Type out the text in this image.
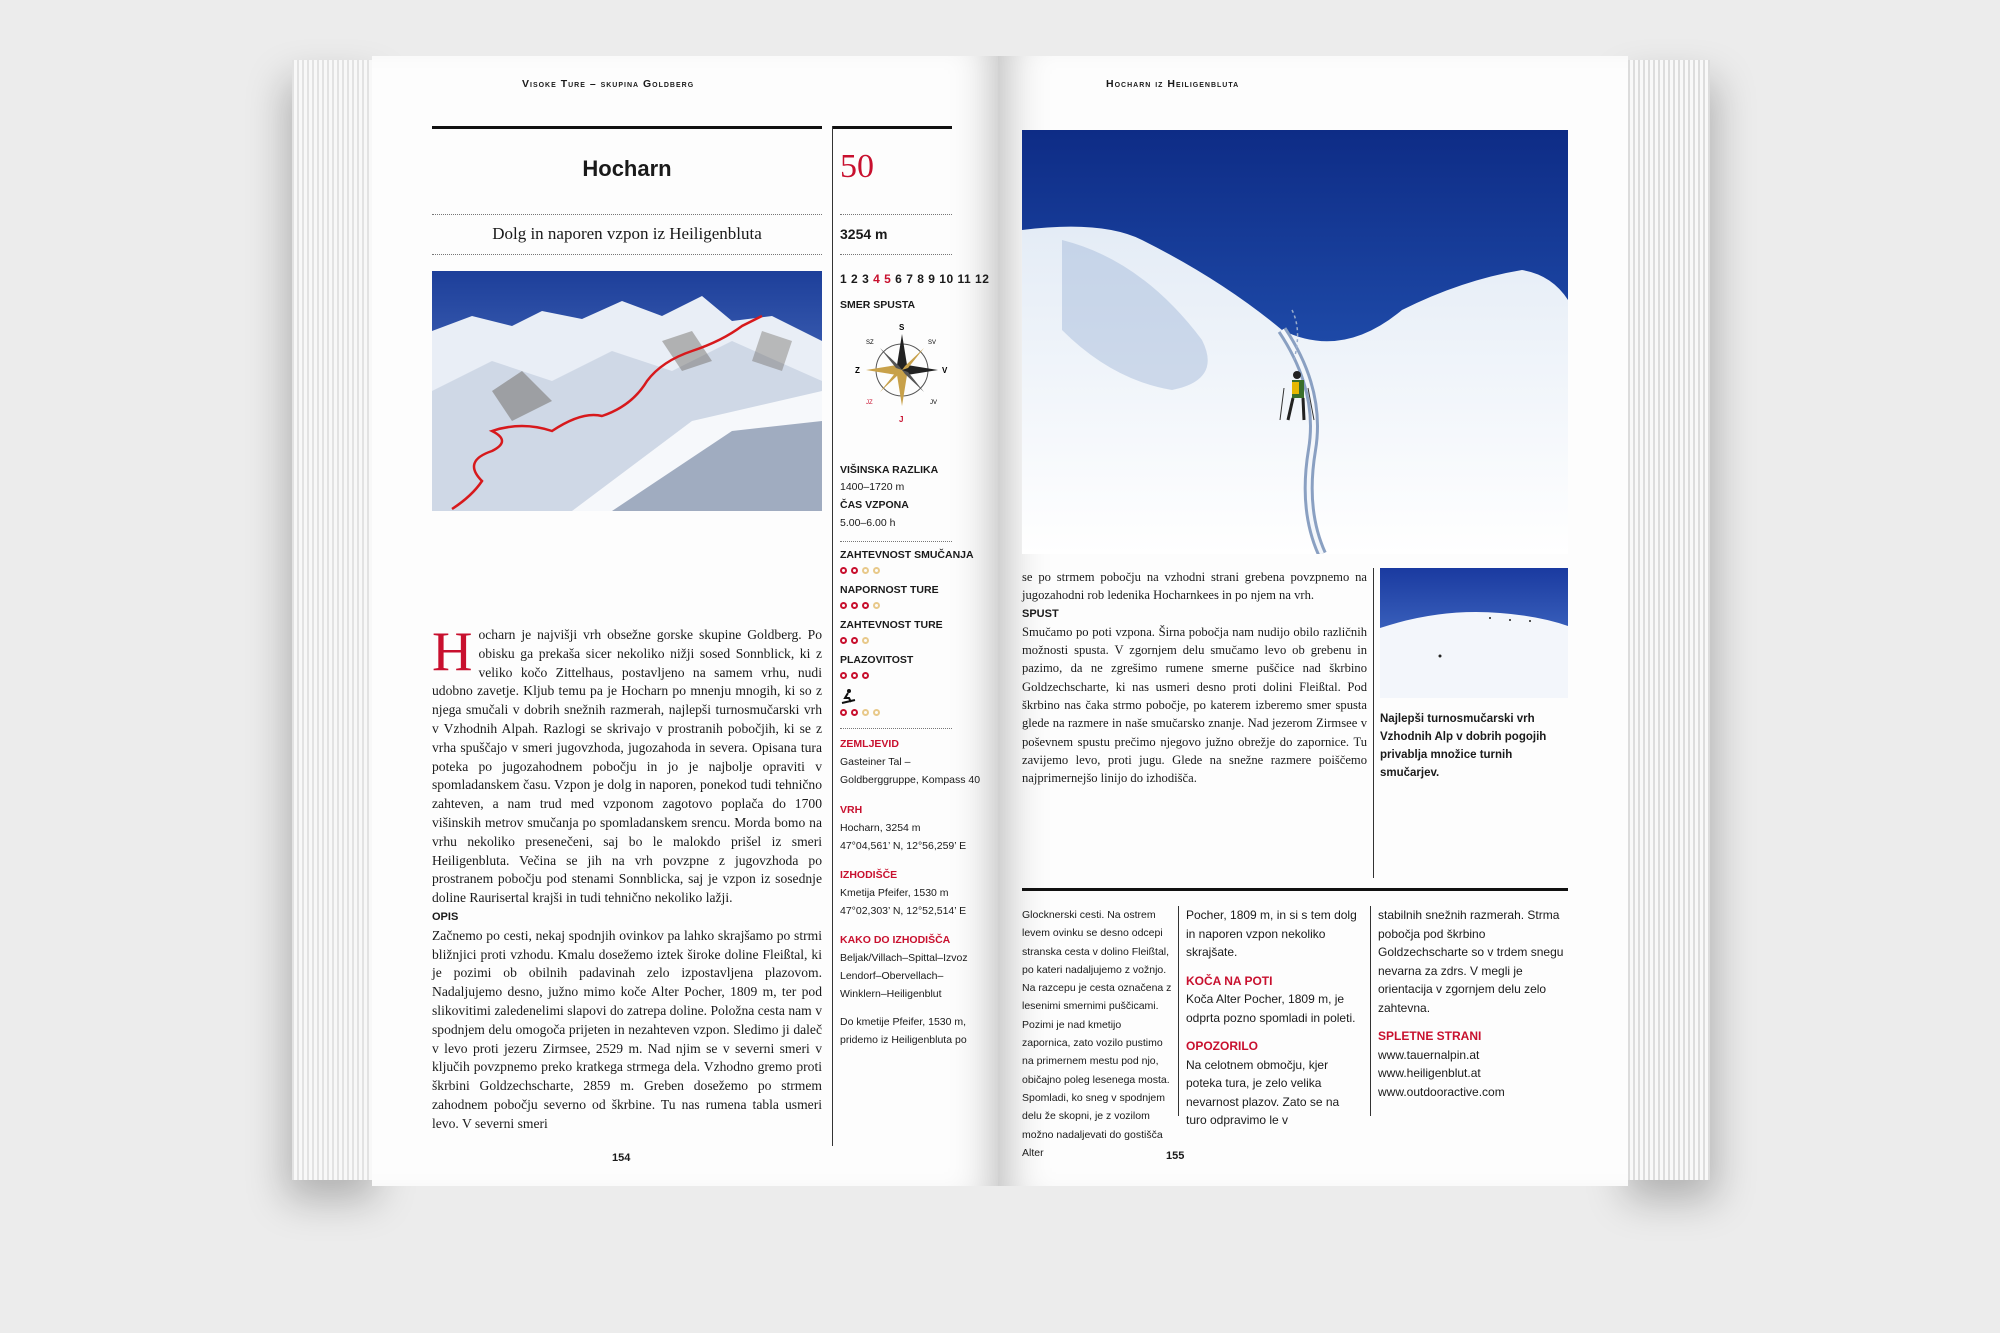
Visoke Ture – skupina Goldberg
Hocharn	50
Dolg in naporen vzpon iz Heiligenbluta	3254 m
1 2 3 4 5 6 7 8 9 10 11 12
SMER SPUSTA
S
J
V
Z
SV
SZ
JV
JZ
VIŠINSKA RAZLIKA
1400–1720 m
ČAS VZPONA
5.00–6.00 h
ZAHTEVNOST SMUČANJA
NAPORNOST TURE
ZAHTEVNOST TURE
PLAZOVITOST
ZEMLJEVID
Gasteiner Tal –
Goldberggruppe, Kompass 40
VRH
Hocharn, 3254 m
47°04,561’ N, 12°56,259’ E
IZHODIŠČE
Kmetija Pfeifer, 1530 m
47°02,303’ N, 12°52,514’ E
KAKO DO IZHODIŠČA
Beljak/Villach–Spittal–Izvoz
Lendorf–Obervellach–
Winklern–Heiligenblut
Do kmetije Pfeifer, 1530 m,
pridemo iz Heiligenbluta po

Hocharn je najvišji vrh obsežne gorske skupine Goldberg. Po obisku ga prekaša sicer nekoliko nižji sosed Sonnblick, ki z veliko kočo Zittelhaus, postavljeno na samem vrhu, nudi udobno zavetje. Kljub temu pa je Hocharn po mnenju mnogih, ki so z njega smučali v dobrih snežnih razmerah, najlepši turnosmučarski vrh v Vzhodnih Alpah. Razlogi se skrivajo v prostranih pobočjih, ki se z vrha spuščajo v smeri jugovzhoda, jugozahoda in severa. Opisana tura poteka po jugozahodnem pobočju in jo je najbolje opraviti v spomladanskem času. Vzpon je dolg in naporen, ponekod tudi tehnično zahteven, a nam trud med vzponom zagotovo poplača do 1700 višinskih metrov smučanja po spomladanskem srencu. Morda bomo na vrhu nekoliko presenečeni, saj bo le malokdo prišel iz smeri Heiligenbluta. Večina se jih na vrh povzpne z jugovzhoda po prostranem pobočju pod stenami Sonnblicka, saj je vzpon iz sosednje doline Raurisertal krajši in tudi tehnično nekoliko lažji.

OPIS

Začnemo po cesti, nekaj spodnjih ovinkov pa lahko skrajšamo po strmi bližnjici proti vzhodu. Kmalu dosežemo iztek široke doline Fleißtal, ki je pozimi ob obilnih padavinah zelo izpostavljena plazovom. Nadaljujemo desno, južno mimo koče Alter Pocher, 1809 m, ter pod slikovitimi zaledenelimi slapovi do zatrepa doline. Položna cesta nam v spodnjem delu omogoča prijeten in nezahteven vzpon. Sledimo ji daleč v levo proti jezeru Zirmsee, 2529 m. Nad njim se v severni smeri v ključih povzpnemo preko kratkega strmega dela. Vzhodno gremo proti škrbini Goldzechscharte, 2859 m. Greben dosežemo po strmem zahodnem pobočju severno od škrbine. Tu nas rumena tabla usmeri levo. V severni smeri

154
Hocharn iz Heiligenbluta

se po strmem pobočju na vzhodni strani grebena povzpnemo na jugozahodni rob ledenika Hocharnkees in po njem na vrh.

SPUST

Smučamo po poti vzpona. Širna pobočja nam nudijo obilo različnih možnosti spusta. V zgornjem delu smučamo levo ob grebenu in pazimo, da ne zgrešimo rumene smerne puščice nad škrbino Goldzechscharte, ki nas usmeri desno proti dolini Fleißtal. Pod škrbino nas čaka strmo pobočje, po katerem izberemo smer spusta glede na razmere in naše smučarsko znanje. Nad jezerom Zirmsee v poševnem spustu prečimo njegovo južno obrežje do zapornice. Tu zavijemo levo, proti jugu. Glede na snežne razmere poiščemo najprimernejšo linijo do izhodišča.

Najlepši turnosmučarski vrh Vzhodnih Alp v dobrih pogojih privablja množice turnih smučarjev.
Glocknerski cesti. Na ostrem levem ovinku se desno odcepi stranska cesta v dolino Fleißtal, po kateri nadaljujemo z vožnjo. Na razcepu je cesta označena z lesenimi smernimi puščicami. Pozimi je nad kmetijo zapornica, zato vozilo pustimo na primernem mestu pod njo, običajno poleg lesenega mosta. Spomladi, ko sneg v spodnjem delu že skopni, je z vozilom možno nadaljevati do gostišča Alter
Pocher, 1809 m, in si s tem dolg in naporen vzpon nekoliko skrajšate.
KOČA NA POTI
Koča Alter Pocher, 1809 m, je odprta pozno spomladi in poleti.
OPOZORILO
Na celotnem območju, kjer poteka tura, je zelo velika nevarnost plazov. Zato se na turo odpravimo le v
stabilnih snežnih razmerah. Strma pobočja pod škrbino Goldzechscharte so v trdem snegu nevarna za zdrs. V megli je orientacija v zgornjem delu zelo zahtevna.
SPLETNE STRANI
www.tauernalpin.at
www.heiligenblut.at
www.outdooractive.com
155
